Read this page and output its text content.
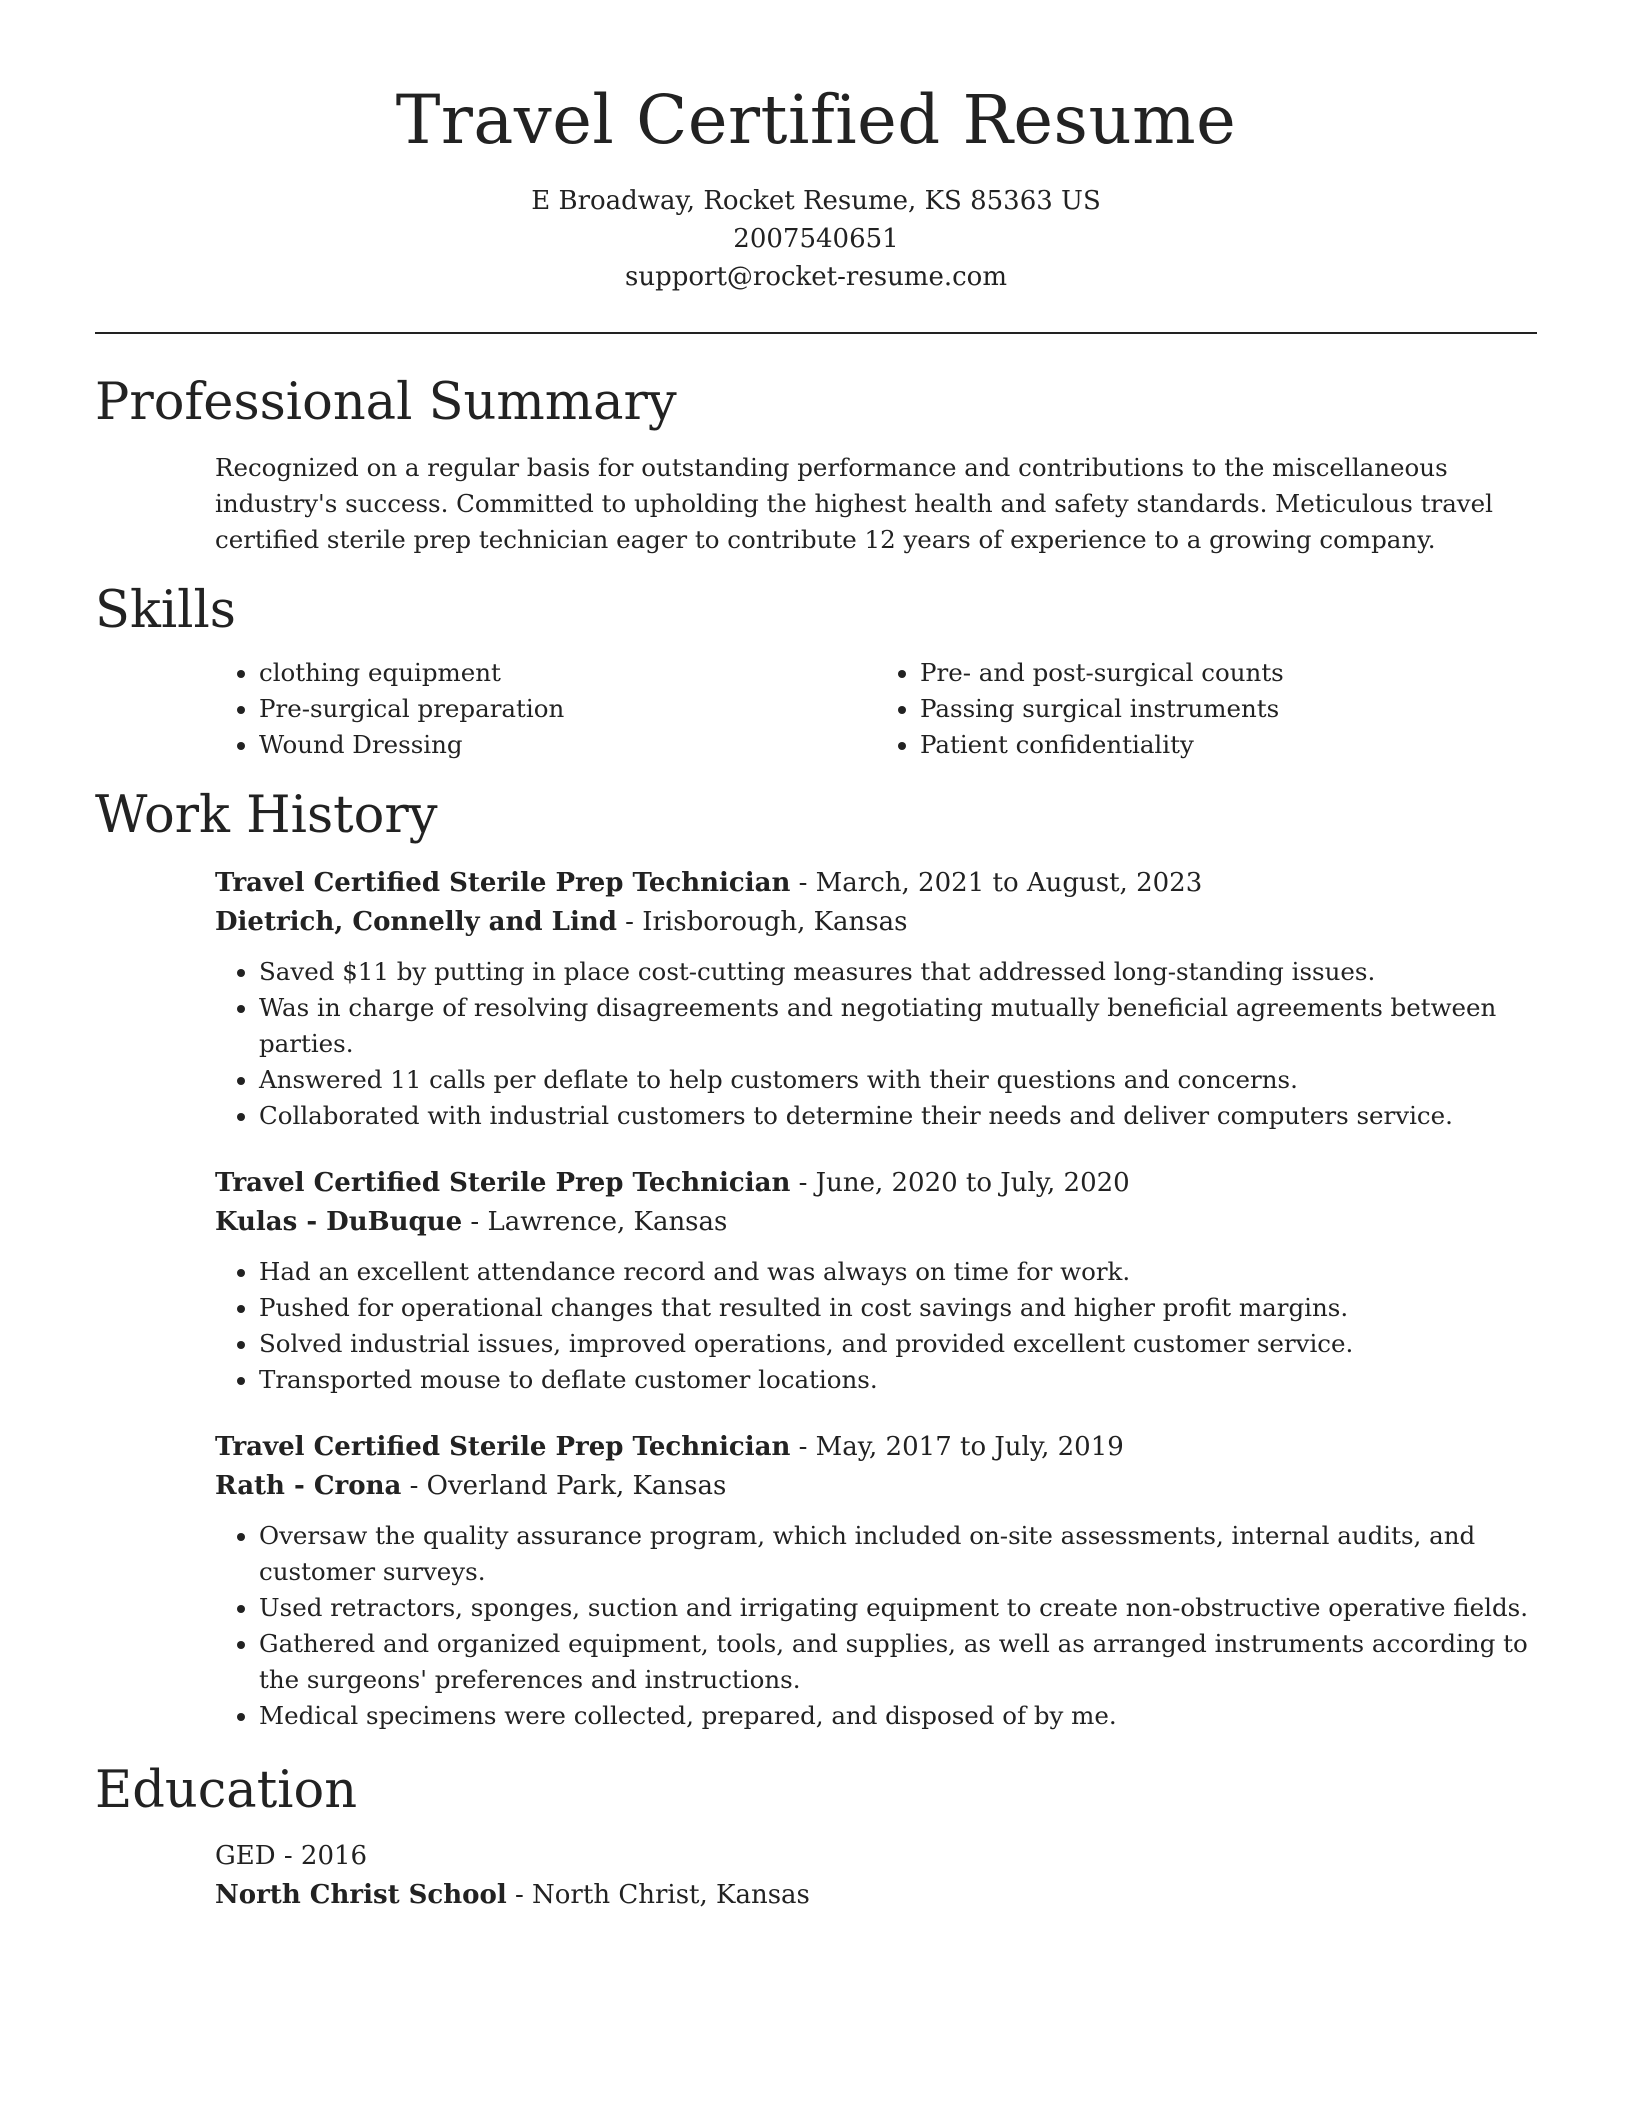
Travel Certified Resume
E Broadway, Rocket Resume, KS 85363 US
2007540651
support@rocket-resume.com
Professional Summary
Recognized on a regular basis for outstanding performance and contributions to the miscellaneous industry's success. Committed to upholding the highest health and safety standards. Meticulous travel certified sterile prep technician eager to contribute 12 years of experience to a growing company.
Skills
• clothing equipment
• Pre-surgical preparation
• Wound Dressing
• Pre- and post-surgical counts
• Passing surgical instruments
• Patient confidentiality
Work History
Travel Certified Sterile Prep Technician - March, 2021 to August, 2023
Dietrich, Connelly and Lind - Irisborough, Kansas
• Saved $11 by putting in place cost-cutting measures that addressed long-standing issues.
• Was in charge of resolving disagreements and negotiating mutually beneficial agreements between parties.
• Answered 11 calls per deflate to help customers with their questions and concerns.
• Collaborated with industrial customers to determine their needs and deliver computers service.
Travel Certified Sterile Prep Technician - June, 2020 to July, 2020
Kulas - DuBuque - Lawrence, Kansas
• Had an excellent attendance record and was always on time for work.
• Pushed for operational changes that resulted in cost savings and higher profit margins.
• Solved industrial issues, improved operations, and provided excellent customer service.
• Transported mouse to deflate customer locations.
Travel Certified Sterile Prep Technician - May, 2017 to July, 2019
Rath - Crona - Overland Park, Kansas
• Oversaw the quality assurance program, which included on-site assessments, internal audits, and customer surveys.
• Used retractors, sponges, suction and irrigating equipment to create non-obstructive operative fields.
• Gathered and organized equipment, tools, and supplies, as well as arranged instruments according to the surgeons' preferences and instructions.
• Medical specimens were collected, prepared, and disposed of by me.
Education
GED - 2016
North Christ School - North Christ, Kansas
